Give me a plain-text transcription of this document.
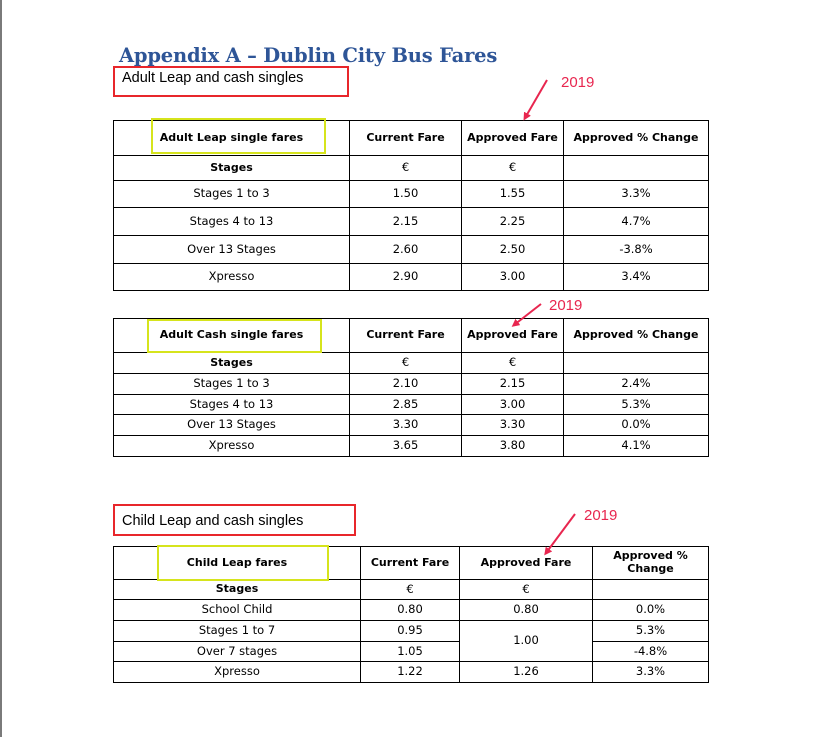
Appendix A – Dublin City Bus Fares
Adult Leap and cash singles	2019
Adult Leap single fares	Current Fare	Approved Fare	Approved % Change
Stages	€	€	
Stages 1 to 3	1.50	1.55	3.3%
Stages 4 to 13	2.15	2.25	4.7%
Over 13 Stages	2.60	2.50	-3.8%
Xpresso	2.90	3.00	3.4%
2019
Adult Cash single fares	Current Fare	Approved Fare	Approved % Change
Stages	€	€	
Stages 1 to 3	2.10	2.15	2.4%
Stages 4 to 13	2.85	3.00	5.3%
Over 13 Stages	3.30	3.30	0.0%
Xpresso	3.65	3.80	4.1%
Child Leap and cash singles	2019
Child Leap fares	Current Fare	Approved Fare	Approved % Change
Stages	€	€	
School Child	0.80	0.80	0.0%
Stages 1 to 7	0.95	1.00	5.3%
Over 7 stages	1.05		-4.8%
Xpresso	1.22	1.26	3.3%
